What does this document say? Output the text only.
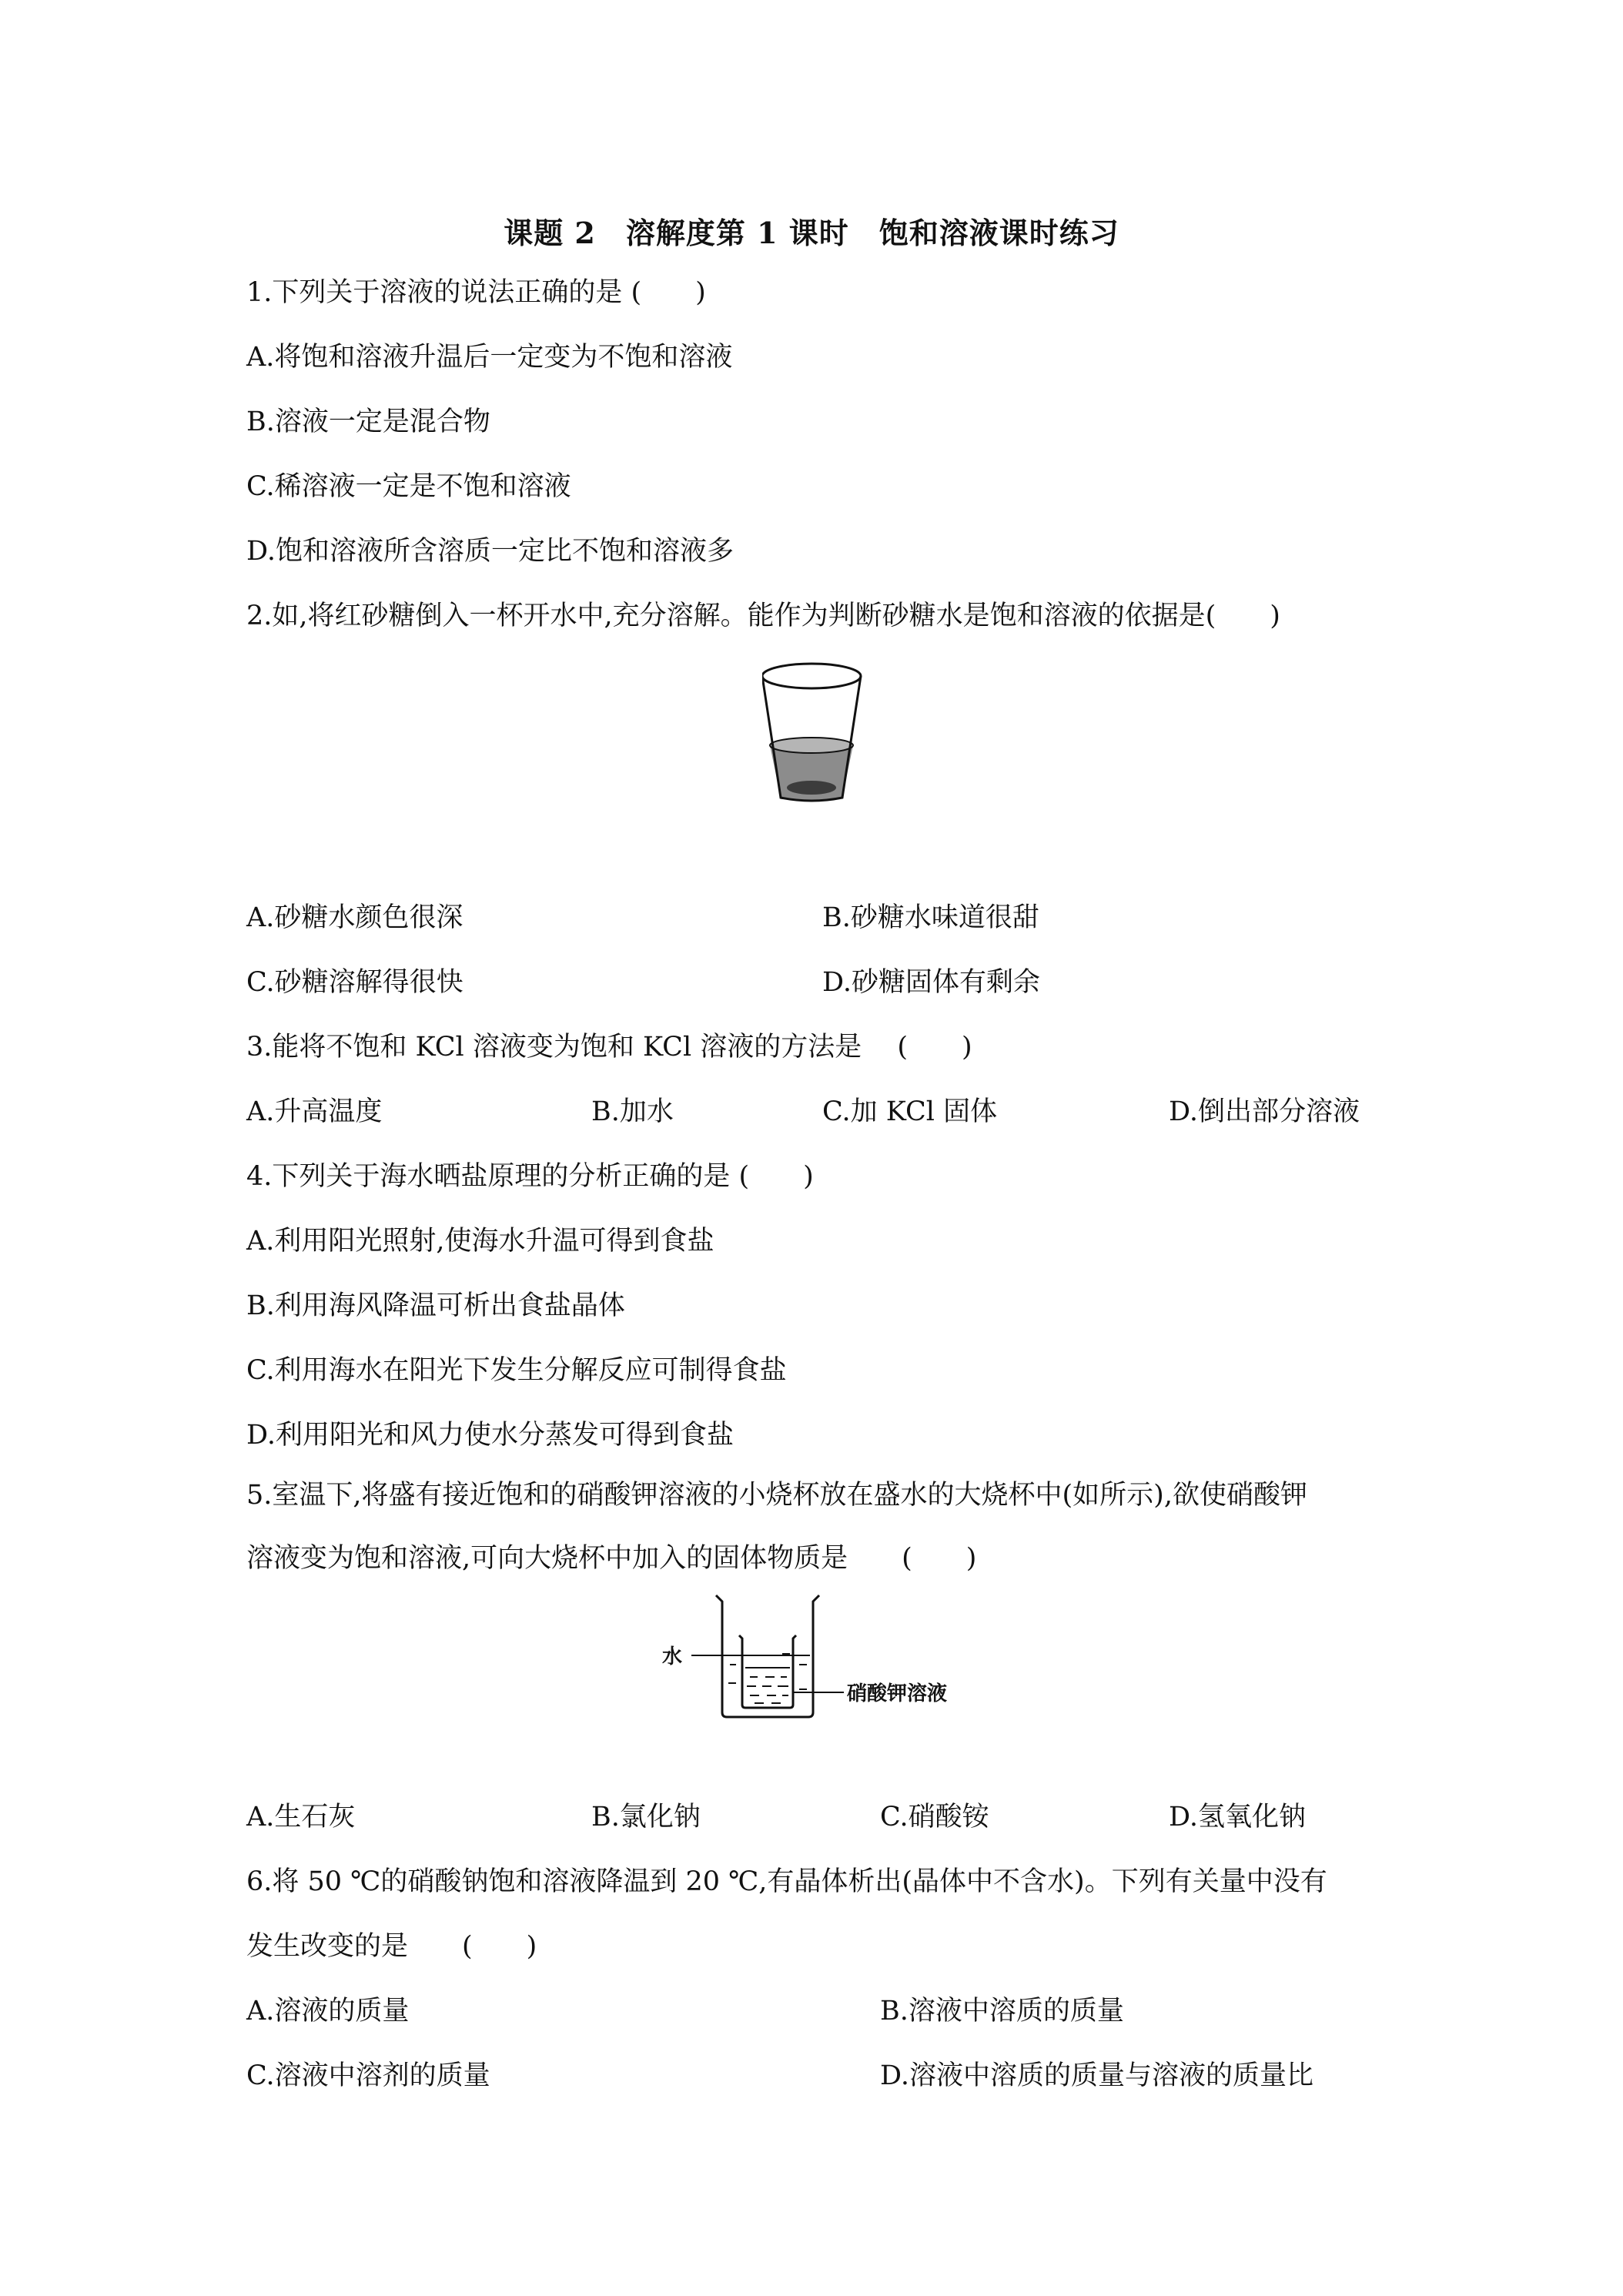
课题 2　溶解度第 1 课时　饱和溶液课时练习
1.下列关于溶液的说法正确的是 (　　)
A.将饱和溶液升温后一定变为不饱和溶液
B.溶液一定是混合物
C.稀溶液一定是不饱和溶液
D.饱和溶液所含溶质一定比不饱和溶液多
2.如,将红砂糖倒入一杯开水中,充分溶解。能作为判断砂糖水是饱和溶液的依据是(　　)
A.砂糖水颜色很深	B.砂糖水味道很甜
C.砂糖溶解得很快	D.砂糖固体有剩余
3.能将不饱和 KCl 溶液变为饱和 KCl 溶液的方法是　 (　　)
A.升高温度	B.加水	C.加 KCl 固体	D.倒出部分溶液
4.下列关于海水晒盐原理的分析正确的是 (　　)
A.利用阳光照射,使海水升温可得到食盐
B.利用海风降温可析出食盐晶体
C.利用海水在阳光下发生分解反应可制得食盐
D.利用阳光和风力使水分蒸发可得到食盐
5.室温下,将盛有接近饱和的硝酸钾溶液的小烧杯放在盛水的大烧杯中(如所示),欲使硝酸钾
溶液变为饱和溶液,可向大烧杯中加入的固体物质是　　(　　)
水
硝酸钾溶液
A.生石灰	B.氯化钠	C.硝酸铵	D.氢氧化钠
6.将 50 ℃的硝酸钠饱和溶液降温到 20 ℃,有晶体析出(晶体中不含水)。下列有关量中没有
发生改变的是　　(　　)
A.溶液的质量	B.溶液中溶质的质量
C.溶液中溶剂的质量	D.溶液中溶质的质量与溶液的质量比
